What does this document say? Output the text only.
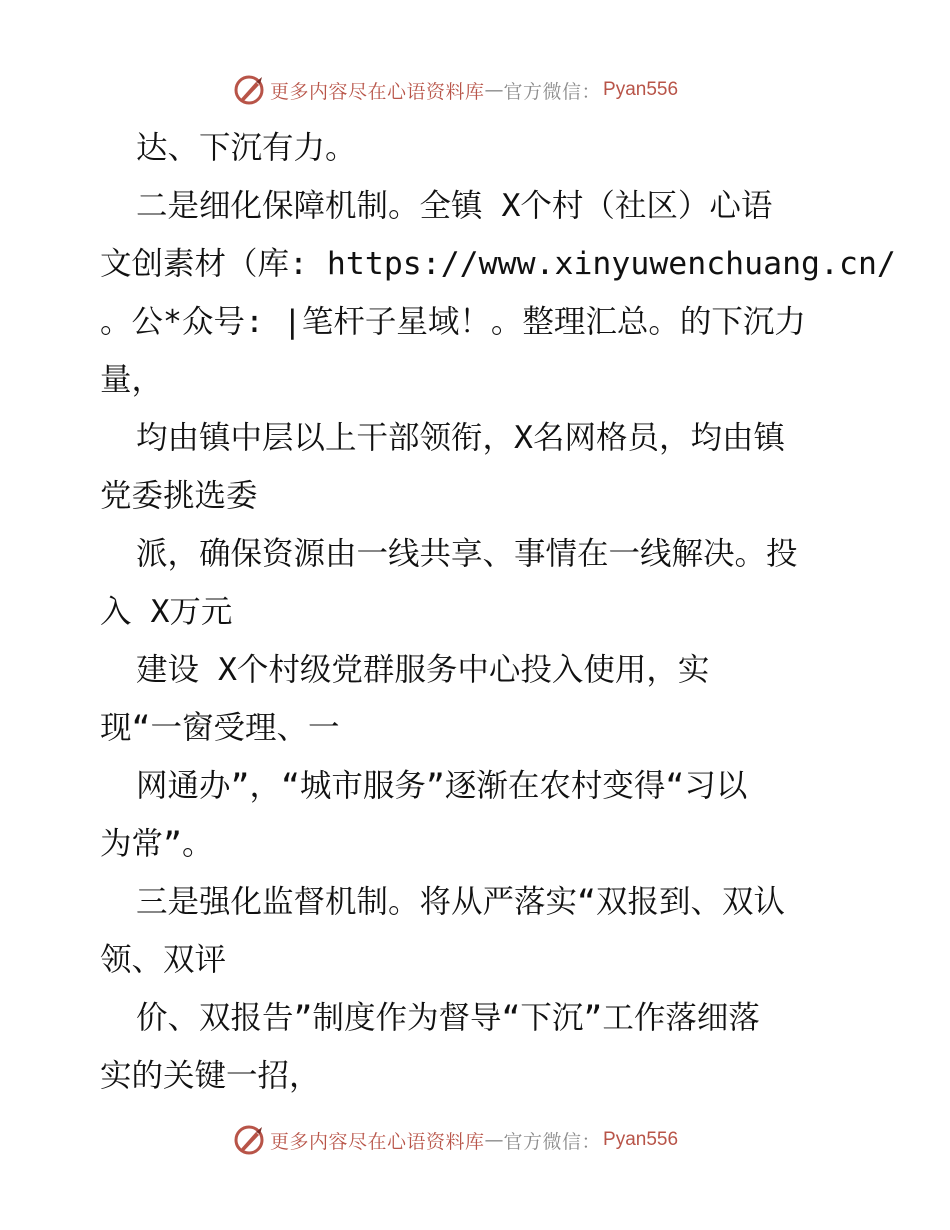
更多内容尽在心语资料库 — 官方微信： Pyan556

达、下沉有力。

二是细化保障机制。全镇 X个村（社区）心语

文创素材（库: https://www.xinyuwenchuang.cn/

。公*众号: |笔杆子星域！。整理汇总。的下沉力

量，

均由镇中层以上干部领衔，X名网格员，均由镇

党委挑选委

派，确保资源由一线共享、事情在一线解决。投

入 X万元

建设 X个村级党群服务中心投入使用，实

现“一窗受理、一

网通办”，“城市服务”逐渐在农村变得“习以

为常”。

三是强化监督机制。将从严落实“双报到、双认

领、双评

价、双报告”制度作为督导“下沉”工作落细落

实的关键一招，

更多内容尽在心语资料库 — 官方微信： Pyan556
